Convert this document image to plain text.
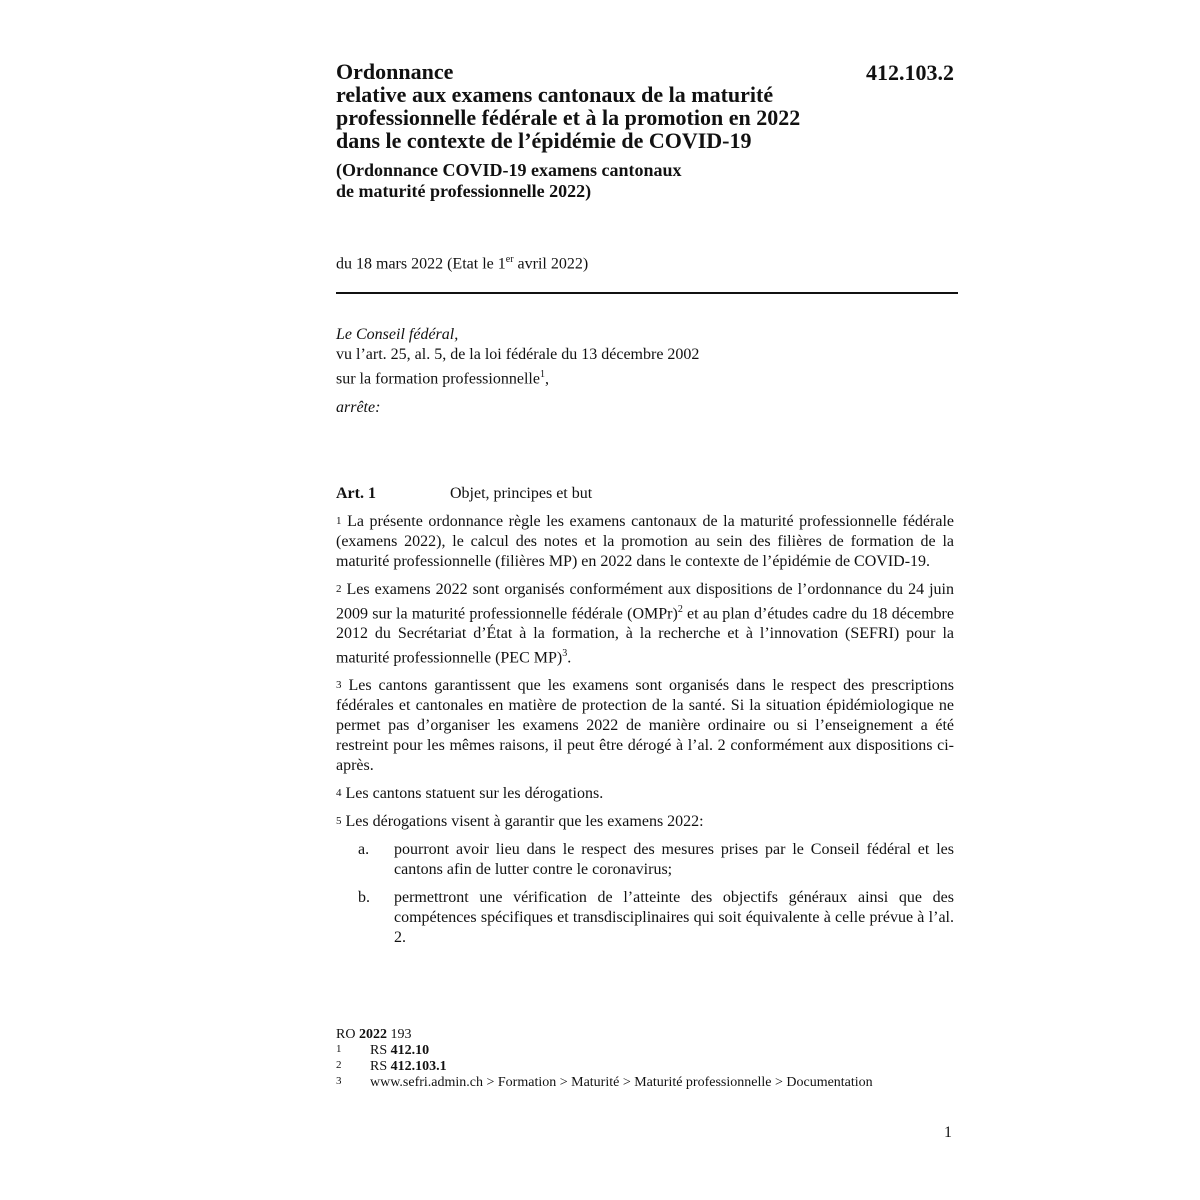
412.103.2
Ordonnance
relative aux examens cantonaux de la maturité
professionnelle fédérale et à la promotion en 2022
dans le contexte de l’épidémie de COVID-19
(Ordonnance COVID-19 examens cantonaux
de maturité professionnelle 2022)
du 18 mars 2022 (Etat le 1er avril 2022)
Le Conseil fédéral,
vu l’art. 25, al. 5, de la loi fédérale du 13 décembre 2002
sur la formation professionnelle$^1$,
arrête:
Art. 1	Objet, principes et but
$^1$ La présente ordonnance règle les examens cantonaux de la maturité professionnelle fédérale (examens 2022), le calcul des notes et la promotion au sein des filières de formation de la maturité professionnelle (filières MP) en 2022 dans le contexte de l’épidémie de COVID-19.
$^2$ Les examens 2022 sont organisés conformément aux dispositions de l’ordonnance du 24 juin 2009 sur la maturité professionnelle fédérale (OMPr)$^2$ et au plan d’études cadre du 18 décembre 2012 du Secrétariat d’État à la formation, à la recherche et à l’innovation (SEFRI) pour la maturité professionnelle (PEC MP)$^3$.
$^3$ Les cantons garantissent que les examens sont organisés dans le respect des prescriptions fédérales et cantonales en matière de protection de la santé. Si la situation épidémiologique ne permet pas d’organiser les examens 2022 de manière ordinaire ou si l’enseignement a été restreint pour les mêmes raisons, il peut être dérogé à l’al. 2 conformément aux dispositions ci-après.
$^4$ Les cantons statuent sur les dérogations.
$^5$ Les dérogations visent à garantir que les examens 2022:
a.	pourront avoir lieu dans le respect des mesures prises par le Conseil fédéral et les cantons afin de lutter contre le coronavirus;
b.	permettront une vérification de l’atteinte des objectifs généraux ainsi que des compétences spécifiques et transdisciplinaires qui soit équivalente à celle prévue à l’al. 2.
RO 2022 193
1	RS 412.10
2	RS 412.103.1
3	www.sefri.admin.ch > Formation > Maturité > Maturité professionnelle > Documentation
1
